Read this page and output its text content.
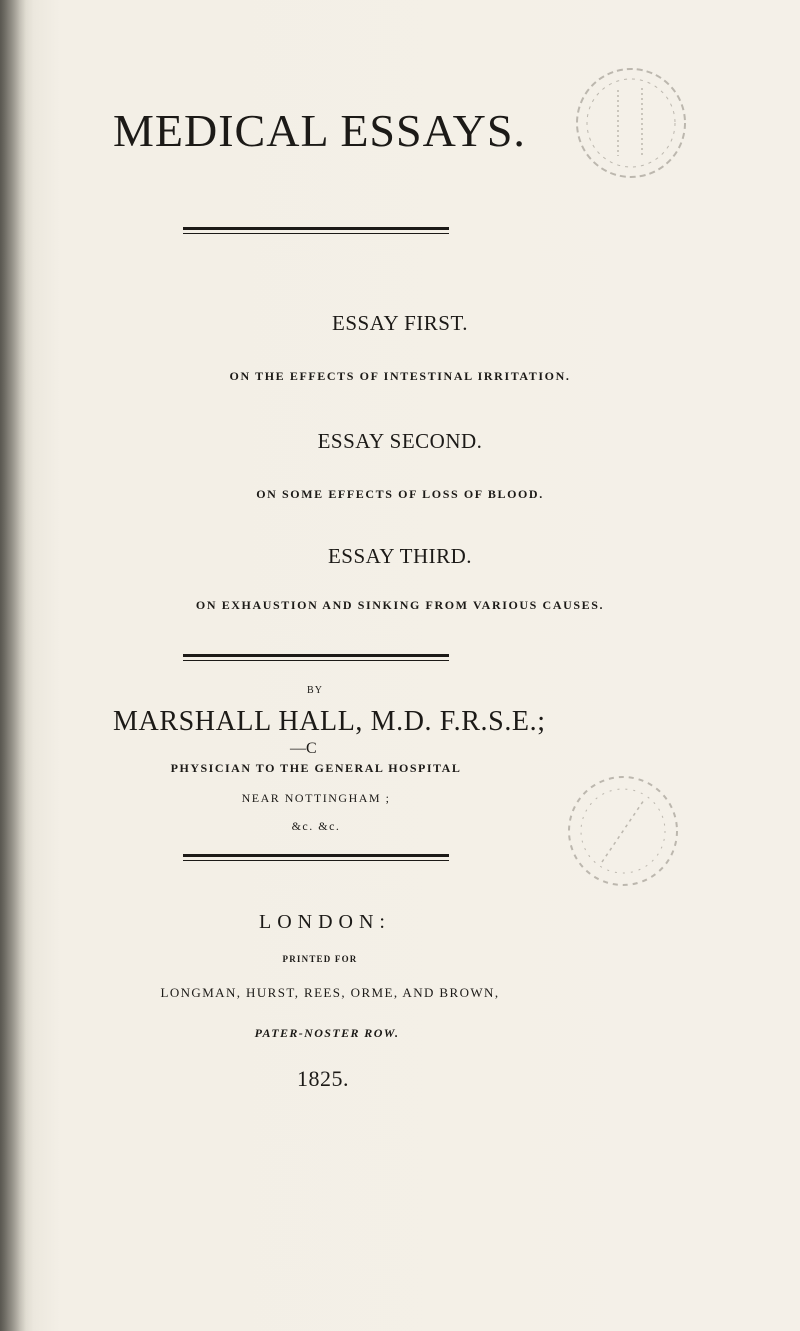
MEDICAL ESSAYS.
ESSAY FIRST.
ON THE EFFECTS OF INTESTINAL IRRITATION.
ESSAY SECOND.
ON SOME EFFECTS OF LOSS OF BLOOD.
ESSAY THIRD.
ON EXHAUSTION AND SINKING FROM VARIOUS CAUSES.
BY
MARSHALL HALL, M.D. F.R.S.E.;
—C
PHYSICIAN TO THE GENERAL HOSPITAL
NEAR NOTTINGHAM ;
&c. &c.
LONDON:
PRINTED FOR
LONGMAN, HURST, REES, ORME, AND BROWN,
PATER-NOSTER ROW.
1825.
